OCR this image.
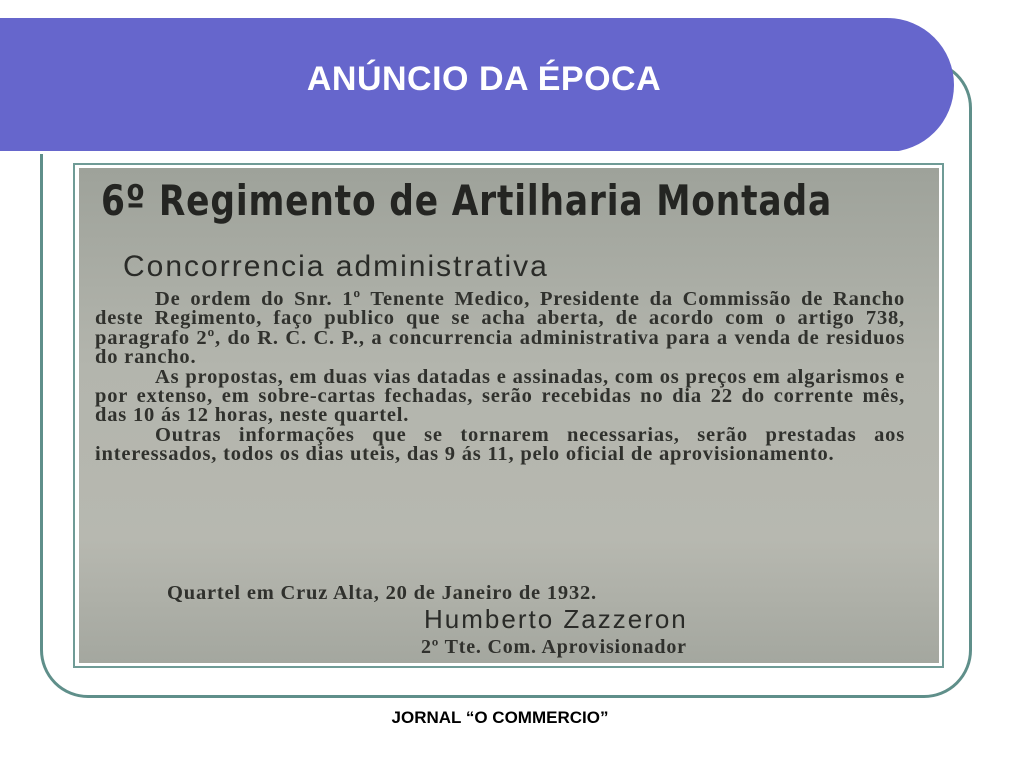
ANÚNCIO DA ÉPOCA
6º Regimento de Artilharia Montada
Concorrencia administrativa

De ordem do Snr. 1º Tenente Medico, Presidente da Commissão de Rancho deste Regimento, faço publico que se acha aberta, de acordo com o artigo 738, paragrafo 2º, do R. C. C. P., a concurrencia administrativa para a venda de residuos do rancho.

As propostas, em duas vias datadas e assinadas, com os preços em algarismos e por extenso, em sobre-cartas fechadas, serão recebidas no dia 22 do corrente mês, das 10 ás 12 horas, neste quartel.

Outras informações que se tornarem necessarias, serão prestadas aos interessados, todos os dias uteis, das 9 ás 11, pelo oficial de aprovisionamento.

Quartel em Cruz Alta, 20 de Janeiro de 1932.
Humberto Zazzeron
2º Tte. Com. Aprovisionador
JORNAL “O COMMERCIO”
